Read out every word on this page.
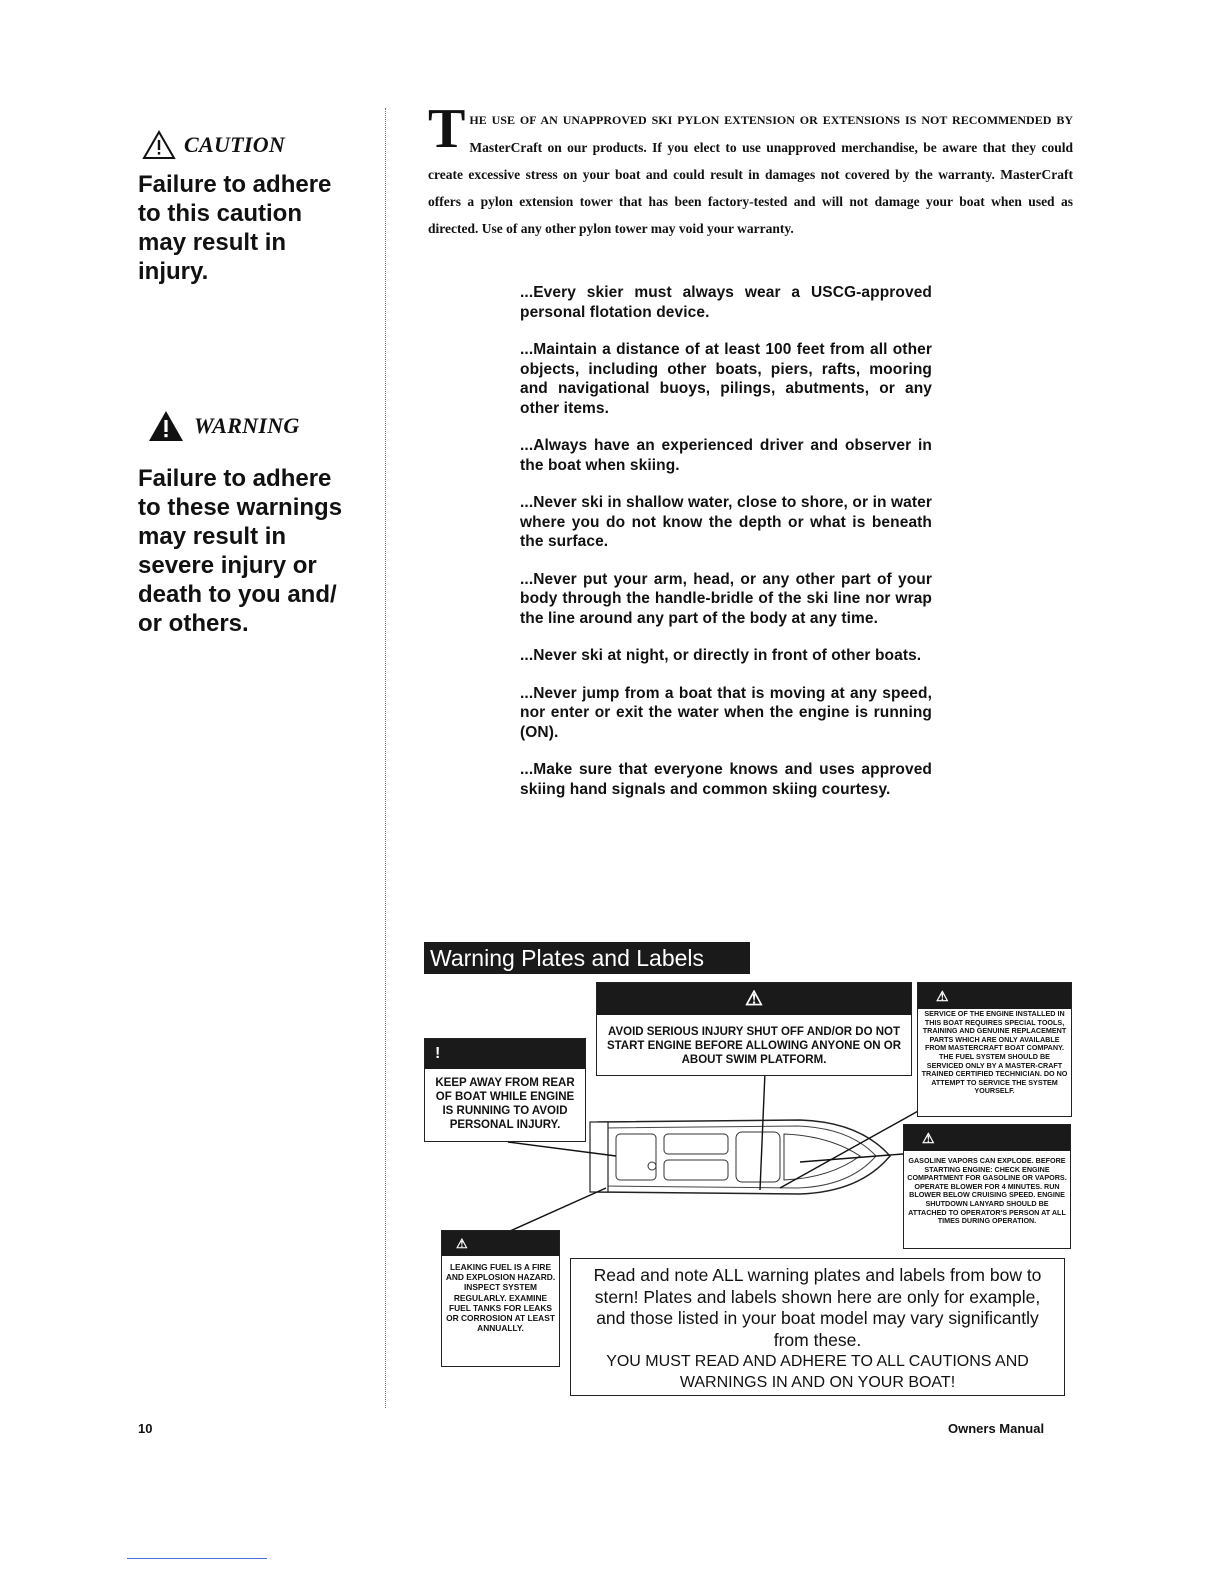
CAUTION
Failure to adhere to this caution may result in injury.
WARNING
Failure to adhere to these warnings may result in severe injury or death to you and/ or others.
THE USE OF AN UNAPPROVED SKI PYLON EXTENSION OR EXTENSIONS IS NOT RECOMMENDED BY MasterCraft on our products. If you elect to use unapproved merchandise, be aware that they could create excessive stress on your boat and could result in damages not covered by the warranty. MasterCraft offers a pylon extension tower that has been factory-tested and will not damage your boat when used as directed. Use of any other pylon tower may void your warranty.

...Every skier must always wear a USCG-approved personal flotation device.

...Maintain a distance of at least 100 feet from all other objects, including other boats, piers, rafts, mooring and navigational buoys, pilings, abutments, or any other items.

...Always have an experienced driver and observer in the boat when skiing.

...Never ski in shallow water, close to shore, or in water where you do not know the depth or what is beneath the surface.

...Never put your arm, head, or any other part of your body through the handle-bridle of the ski line nor wrap the line around any part of the body at any time.

...Never ski at night, or directly in front of other boats.

...Never jump from a boat that is moving at any speed, nor enter or exit the water when the engine is running (ON).

...Make sure that everyone knows and uses approved skiing hand signals and common skiing courtesy.

Warning Plates and Labels
⚠
AVOID SERIOUS INJURY SHUT OFF AND/OR DO NOT START ENGINE BEFORE ALLOWING ANYONE ON OR ABOUT SWIM PLATFORM.
!
KEEP AWAY FROM REAR OF BOAT WHILE ENGINE IS RUNNING TO AVOID PERSONAL INJURY.
⚠
SERVICE OF THE ENGINE INSTALLED IN THIS BOAT REQUIRES SPECIAL TOOLS, TRAINING AND GENUINE REPLACEMENT PARTS WHICH ARE ONLY AVAILABLE FROM MASTERCRAFT BOAT COMPANY. THE FUEL SYSTEM SHOULD BE SERVICED ONLY BY A MASTER-CRAFT TRAINED CERTIFIED TECHNICIAN. DO NO ATTEMPT TO SERVICE THE SYSTEM YOURSELF.
⚠
GASOLINE VAPORS CAN EXPLODE. BEFORE STARTING ENGINE: CHECK ENGINE COMPARTMENT FOR GASOLINE OR VAPORS. OPERATE BLOWER FOR 4 MINUTES. RUN BLOWER BELOW CRUISING SPEED. ENGINE SHUTDOWN LANYARD SHOULD BE ATTACHED TO OPERATOR'S PERSON AT ALL TIMES DURING OPERATION.
⚠
LEAKING FUEL IS A FIRE AND EXPLOSION HAZARD. INSPECT SYSTEM REGULARLY. EXAMINE FUEL TANKS FOR LEAKS OR CORROSION AT LEAST ANNUALLY.
Read and note ALL warning plates and labels from bow to stern! Plates and labels shown here are only for example, and those listed in your boat model may vary significantly from these.
YOU MUST READ AND ADHERE TO ALL CAUTIONS AND WARNINGS IN AND ON YOUR BOAT!
10	Owners Manual
